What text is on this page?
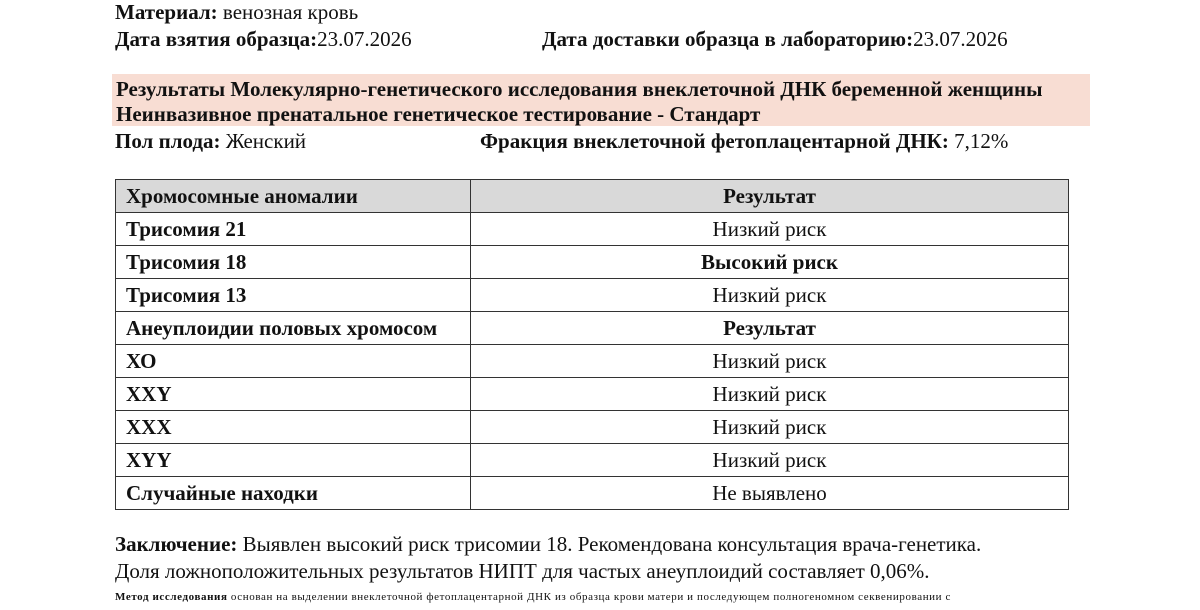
Материал: венозная кровь
Дата взятия образца:23.07.2026	Дата доставки образца в лабораторию:23.07.2026
Результаты Молекулярно-генетического исследования внеклеточной ДНК беременной женщины
Неинвазивное пренатальное генетическое тестирование - Стандарт
Пол плода: Женский	Фракция внеклеточной фетоплацентарной ДНК: 7,12%
Хромосомные аномалии	Результат
Трисомия 21	Низкий риск
Трисомия 18	Высокий риск
Трисомия 13	Низкий риск
Анеуплоидии половых хромосом	Результат
ХО	Низкий риск
XXY	Низкий риск
XXX	Низкий риск
XYY	Низкий риск
Случайные находки	Не выявлено
Заключение: Выявлен высокий риск трисомии 18. Рекомендована консультация врача-генетика.
Доля ложноположительных результатов НИПТ для частых анеуплоидий составляет 0,06%.
Метод исследования основан на выделении внеклеточной фетоплацентарной ДНК из образца крови матери и последующем полногеномном секвенировании с
